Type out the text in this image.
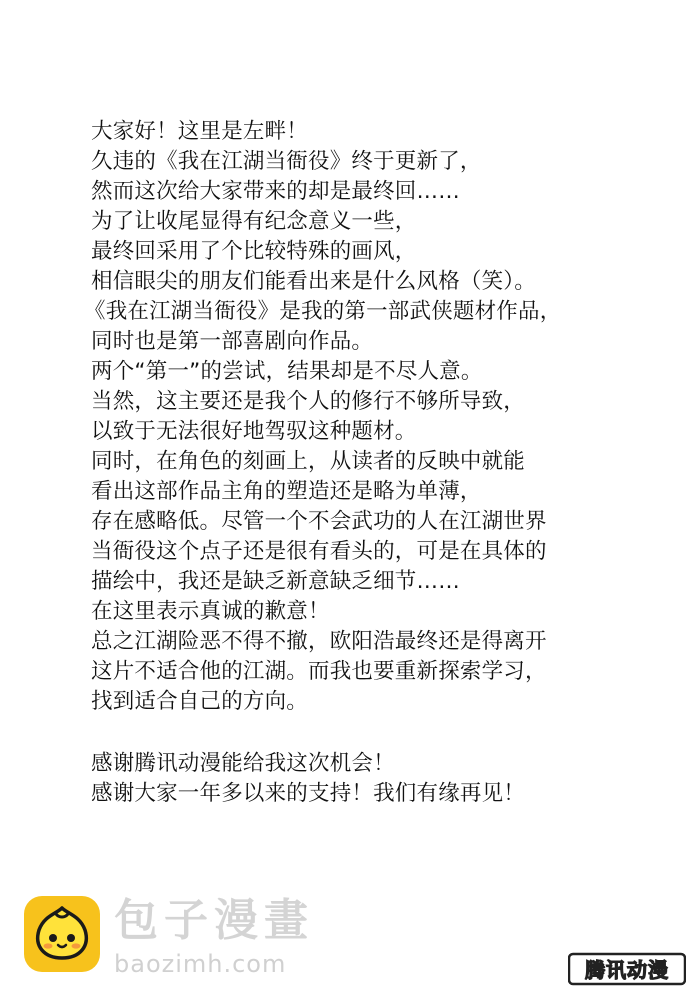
大家好！这里是左畔！
久违的《我在江湖当衙役》终于更新了，
然而这次给大家带来的却是最终回……
为了让收尾显得有纪念意义一些，
最终回采用了个比较特殊的画风，
相信眼尖的朋友们能看出来是什么风格（笑）。
《我在江湖当衙役》是我的第一部武侠题材作品，
同时也是第一部喜剧向作品。
两个“第一”的尝试，结果却是不尽人意。
当然，这主要还是我个人的修行不够所导致，
以致于无法很好地驾驭这种题材。
同时，在角色的刻画上，从读者的反映中就能
看出这部作品主角的塑造还是略为单薄，
存在感略低。尽管一个不会武功的人在江湖世界
当衙役这个点子还是很有看头的，可是在具体的
描绘中，我还是缺乏新意缺乏细节……
在这里表示真诚的歉意！
总之江湖险恶不得不撤，欧阳浩最终还是得离开
这片不适合他的江湖。而我也要重新探索学习，
找到适合自己的方向。
感谢腾讯动漫能给我这次机会！
感谢大家一年多以来的支持！我们有缘再见！
包子漫畫
baozimh.com	腾讯动漫
